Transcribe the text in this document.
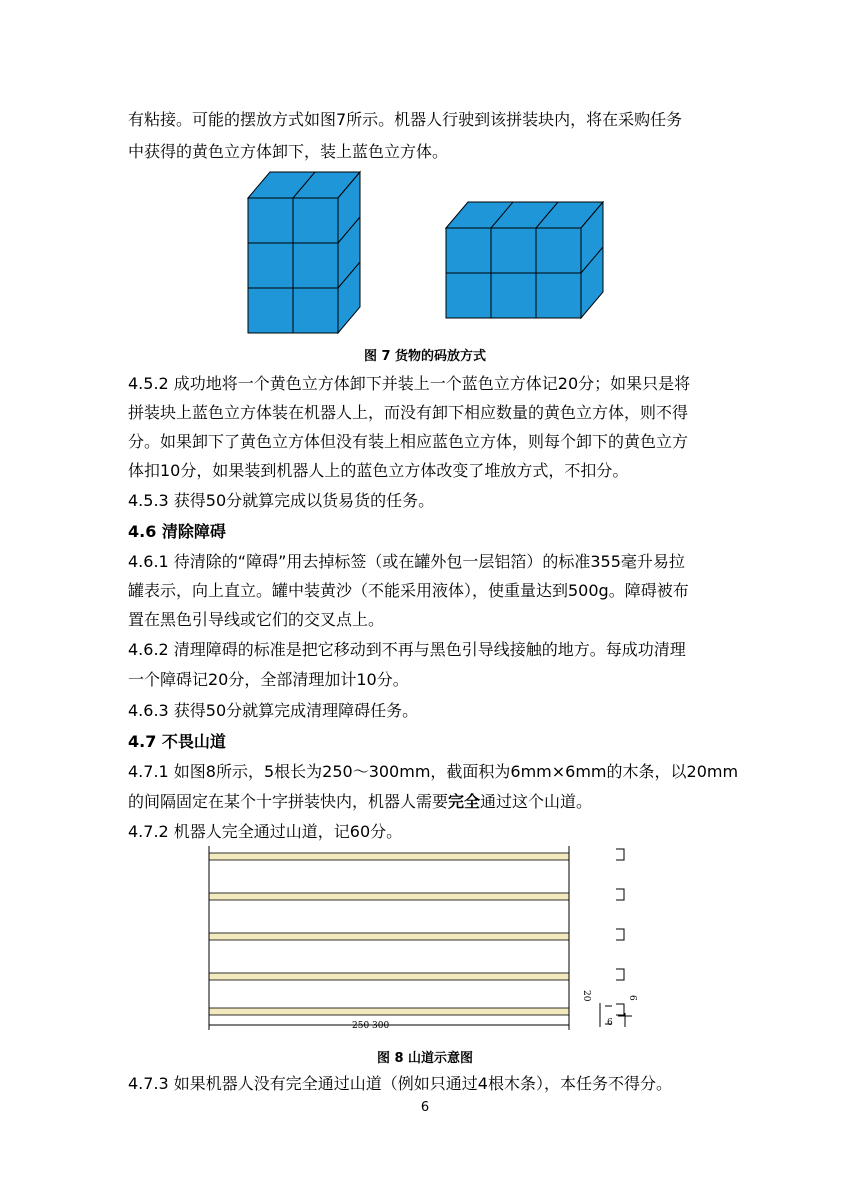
有粘接。可能的摆放方式如图7所示。机器人行驶到该拼装块内，将在采购任务
中获得的黄色立方体卸下，装上蓝色立方体。
图 7 货物的码放方式
4.5.2 成功地将一个黄色立方体卸下并装上一个蓝色立方体记20分；如果只是将
拼装块上蓝色立方体装在机器人上，而没有卸下相应数量的黄色立方体，则不得
分。如果卸下了黄色立方体但没有装上相应蓝色立方体，则每个卸下的黄色立方
体扣10分，如果装到机器人上的蓝色立方体改变了堆放方式，不扣分。
4.5.3 获得50分就算完成以货易货的任务。
4.6 清除障碍
4.6.1 待清除的“障碍”用去掉标签（或在罐外包一层铝箔）的标准355毫升易拉
罐表示，向上直立。罐中装黄沙（不能采用液体），使重量达到500g。障碍被布
置在黑色引导线或它们的交叉点上。
4.6.2 清理障碍的标准是把它移动到不再与黑色引导线接触的地方。每成功清理
一个障碍记20分，全部清理加计10分。
4.6.3 获得50分就算完成清理障碍任务。
4.7 不畏山道
4.7.1 如图8所示，5根长为250～300mm，截面积为6mm×6mm的木条，以20mm
的间隔固定在某个十字拼装快内，机器人需要完全通过这个山道。
4.7.2 机器人完全通过山道，记60分。
250 300
20
6
6
图 8 山道示意图
4.7.3 如果机器人没有完全通过山道（例如只通过4根木条），本任务不得分。
6
